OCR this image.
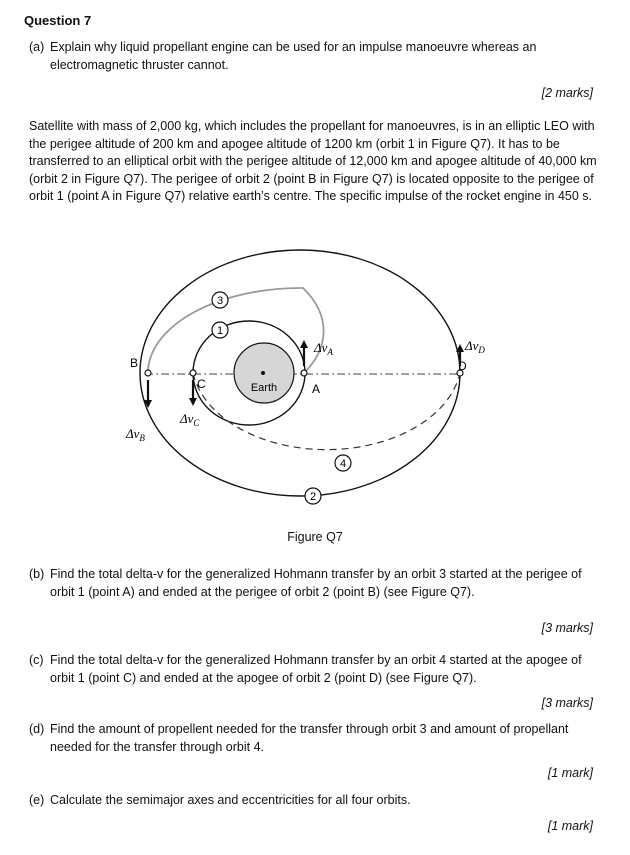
Question 7
(a) Explain why liquid propellant engine can be used for an impulse manoeuvre whereas an electromagnetic thruster cannot.
[2 marks]
Satellite with mass of 2,000 kg, which includes the propellant for manoeuvres, is in an elliptic LEO with the perigee altitude of 200 km and apogee altitude of 1200 km (orbit 1 in Figure Q7). It has to be transferred to an elliptical orbit with the perigee altitude of 12,000 km and apogee altitude of 40,000 km (orbit 2 in Figure Q7). The perigee of orbit 2 (point B in Figure Q7) is located opposite to the perigee of orbit 1 (point A in Figure Q7) relative earth’s centre. The specific impulse of the rocket engine in 450 s.
Earth
B
C	A
D
$\Delta v_A$
$\Delta v_B$
$\Delta v_C$
$\Delta v_D$
3
1
4
2
Figure Q7
(b) Find the total delta-v for the generalized Hohmann transfer by an orbit 3 started at the perigee of orbit 1 (point A) and ended at the perigee of orbit 2 (point B) (see Figure Q7).
[3 marks]
(c) Find the total delta-v for the generalized Hohmann transfer by an orbit 4 started at the apogee of orbit 1 (point C) and ended at the apogee of orbit 2 (point D) (see Figure Q7).
[3 marks]
(d) Find the amount of propellent needed for the transfer through orbit 3 and amount of propellant needed for the transfer through orbit 4.
[1 mark]
(e) Calculate the semimajor axes and eccentricities for all four orbits.
[1 mark]
